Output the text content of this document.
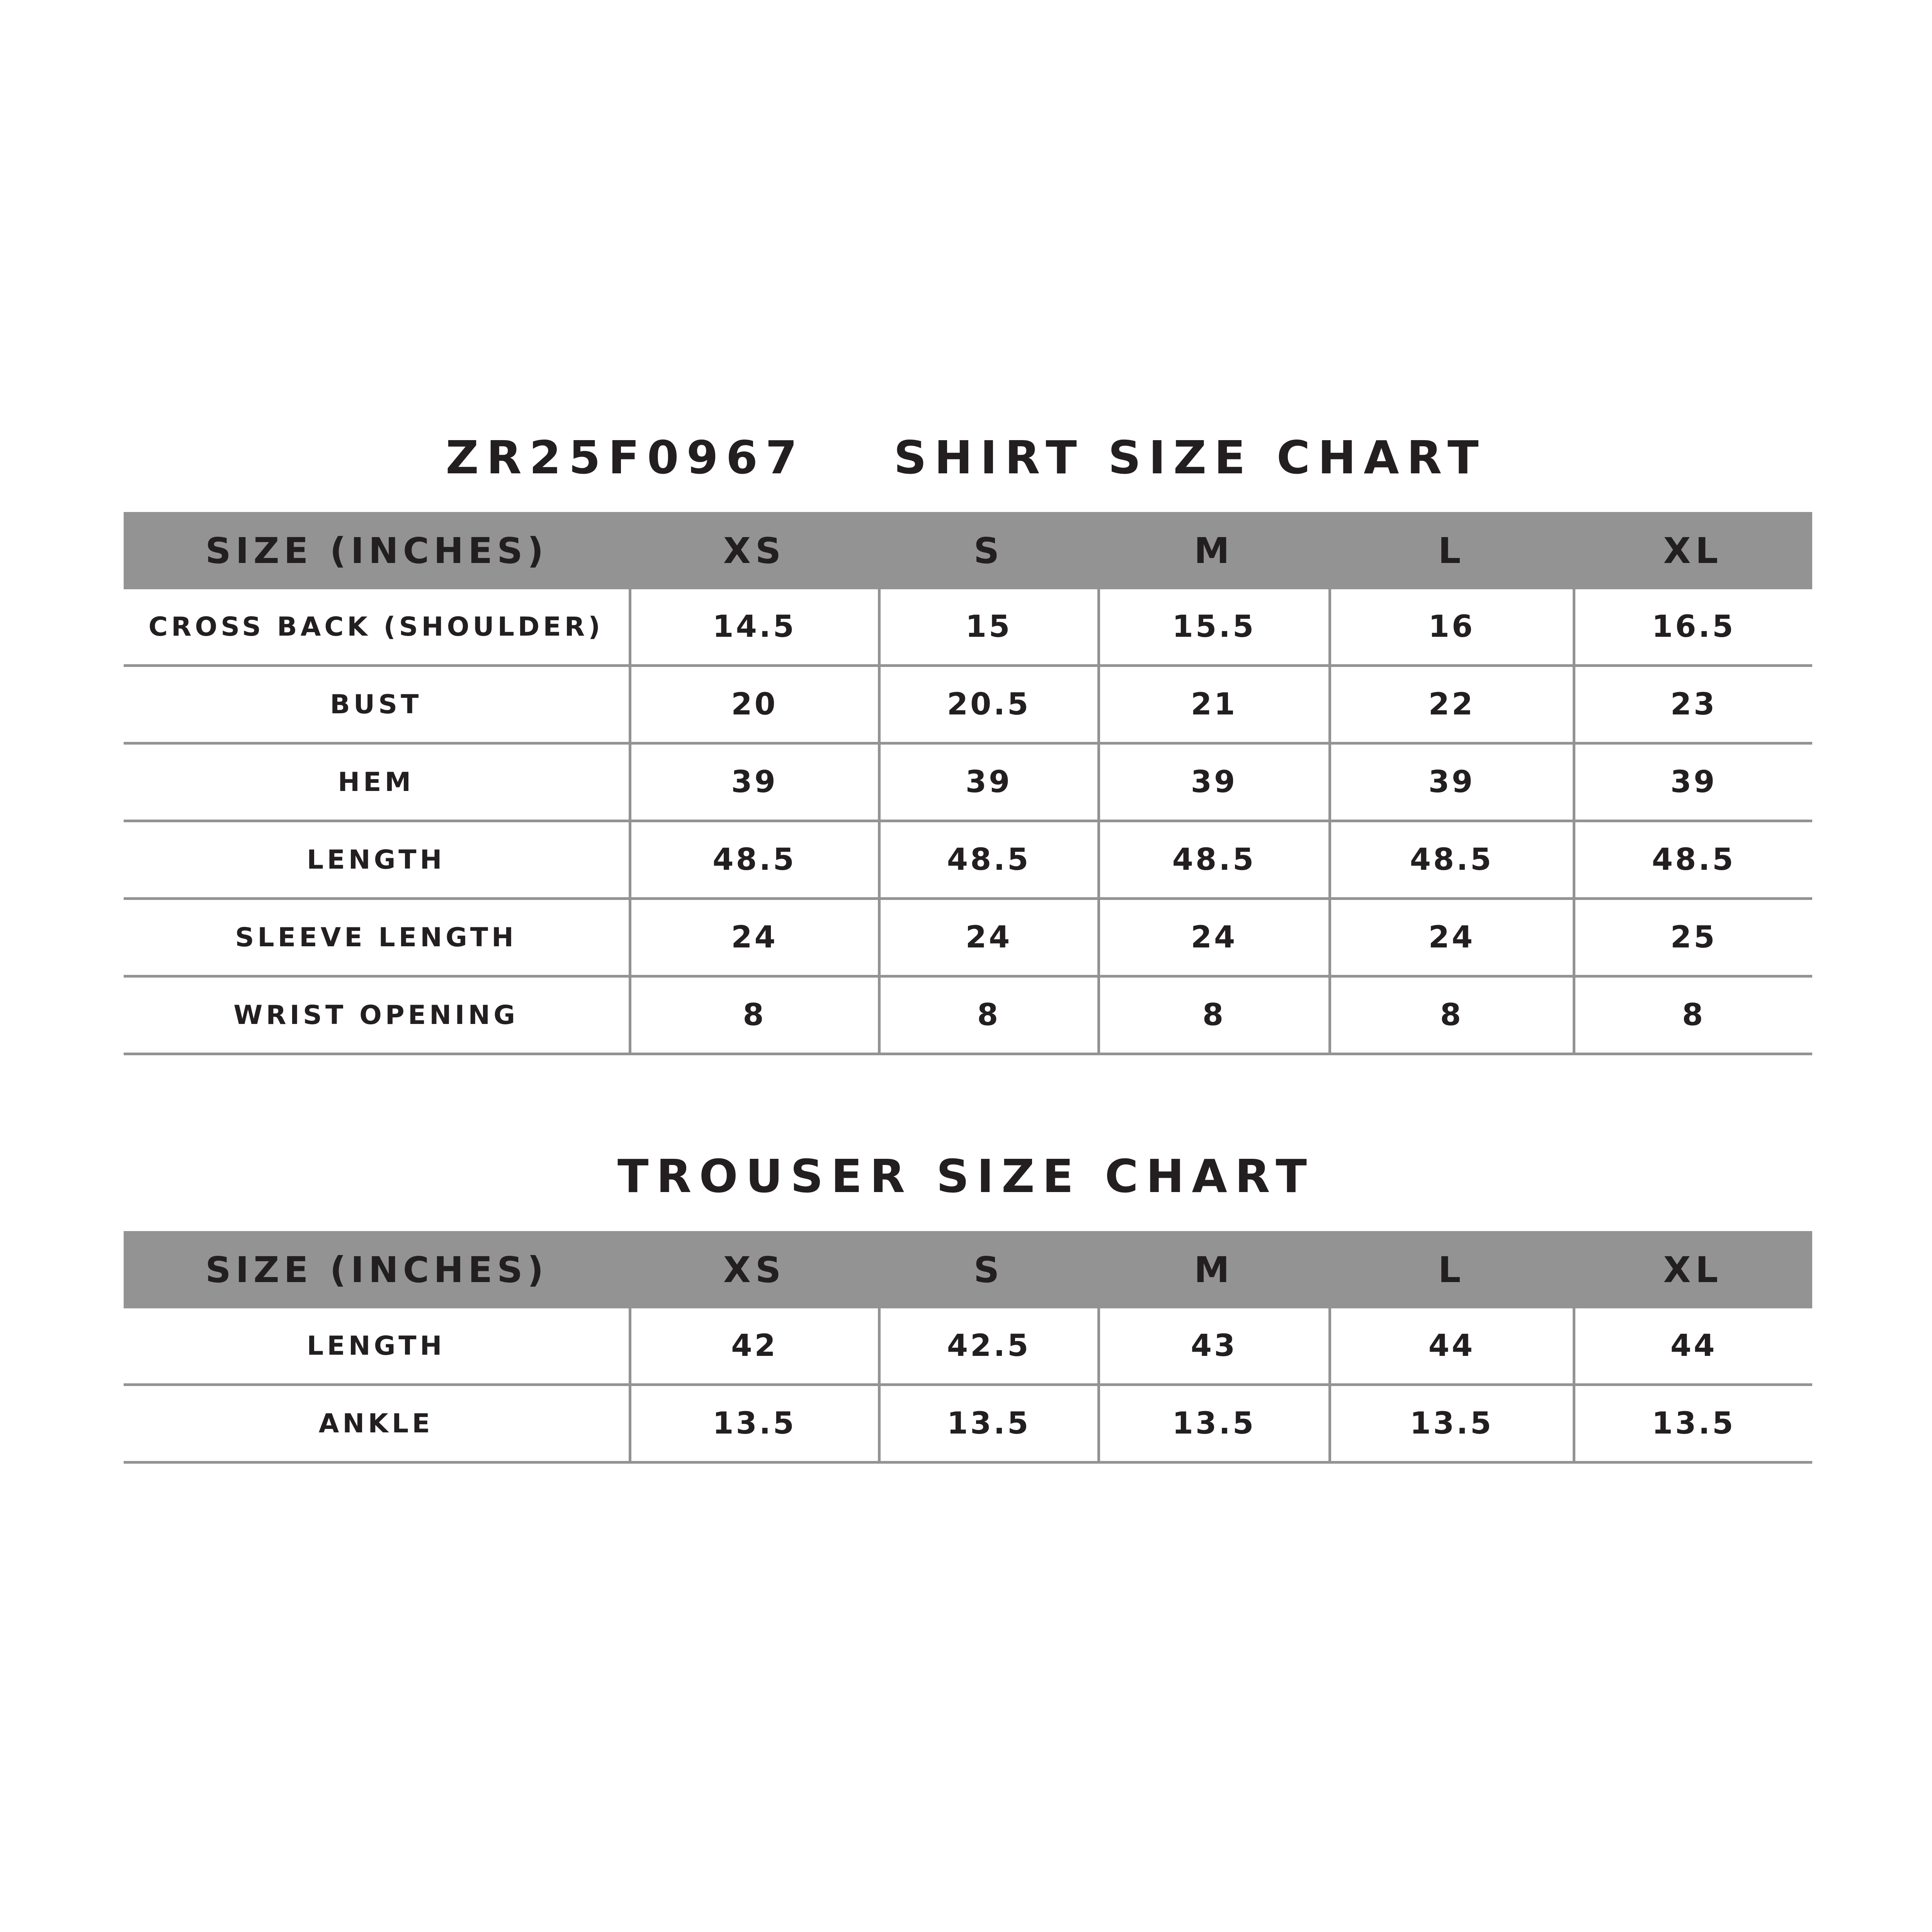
ZR25F0967 SHIRT SIZE CHART
SIZE (INCHES)	XS	S	M	L	XL
CROSS BACK (SHOULDER)	14.5	15	15.5	16	16.5
BUST	20	20.5	21	22	23
HEM	39	39	39	39	39
LENGTH	48.5	48.5	48.5	48.5	48.5
SLEEVE LENGTH	24	24	24	24	25
WRIST OPENING	8	8	8	8	8
TROUSER SIZE CHART
SIZE (INCHES)	XS	S	M	L	XL
LENGTH	42	42.5	43	44	44
ANKLE	13.5	13.5	13.5	13.5	13.5
